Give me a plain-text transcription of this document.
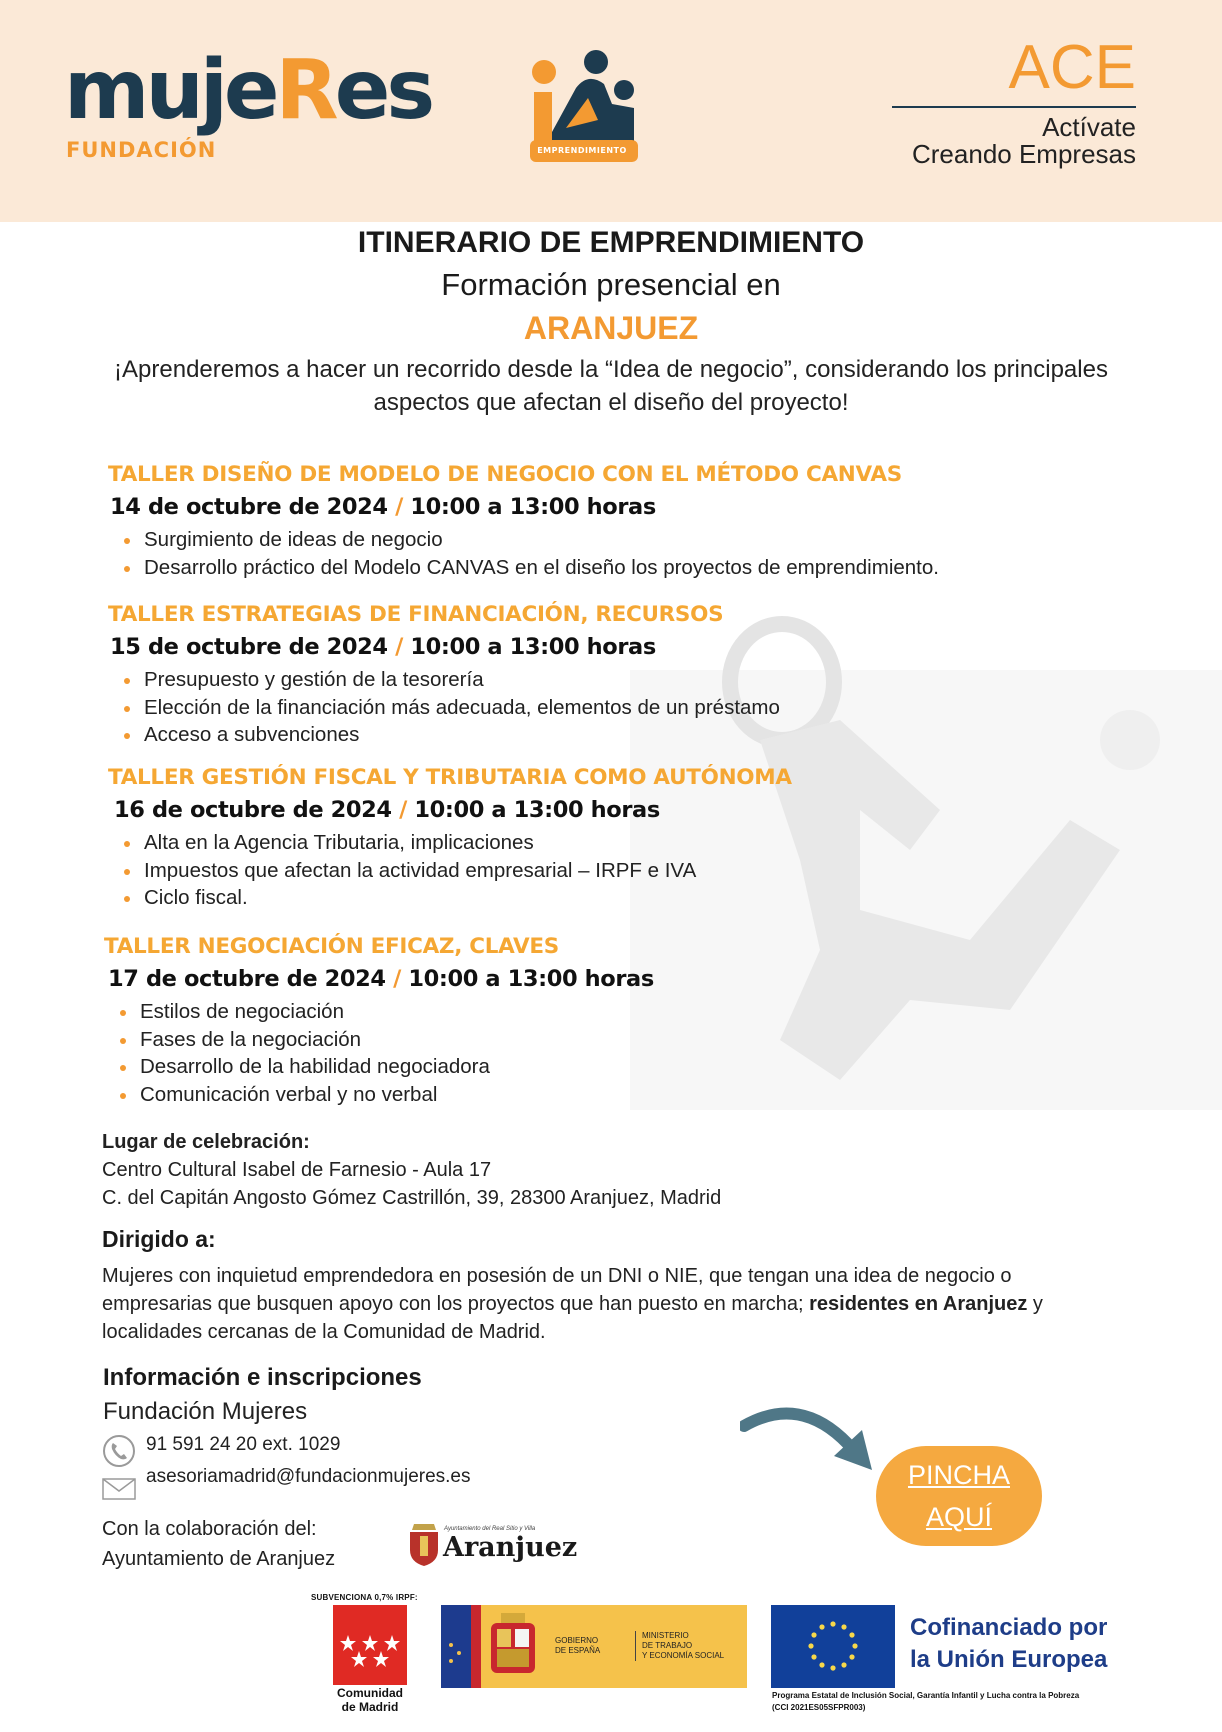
mujeRes
FUNDACIÓN	EMPRENDIMIENTO
ACE
Actívate
Creando Empresas
ITINERARIO DE EMPRENDIMIENTO
Formación presencial en
ARANJUEZ
¡Aprenderemos a hacer un recorrido desde la “Idea de negocio”, considerando los principales aspectos que afectan el diseño del proyecto!
TALLER DISEÑO DE MODELO DE NEGOCIO CON EL MÉTODO CANVAS
14 de octubre de 2024 / 10:00 a 13:00 horas
Surgimiento de ideas de negocio
Desarrollo práctico del Modelo CANVAS en el diseño los proyectos de emprendimiento.
TALLER ESTRATEGIAS DE FINANCIACIÓN, RECURSOS
15 de octubre de 2024 / 10:00 a 13:00 horas
Presupuesto y gestión de la tesorería
Elección de la financiación más adecuada, elementos de un préstamo
Acceso a subvenciones
TALLER GESTIÓN FISCAL Y TRIBUTARIA COMO AUTÓNOMA
16 de octubre de 2024 / 10:00 a 13:00 horas
Alta en la Agencia Tributaria, implicaciones
Impuestos que afectan la actividad empresarial – IRPF e IVA
Ciclo fiscal.
TALLER NEGOCIACIÓN EFICAZ, CLAVES
17 de octubre de 2024 / 10:00 a 13:00 horas
Estilos de negociación
Fases de la negociación
Desarrollo de la habilidad negociadora
Comunicación verbal y no verbal
Lugar de celebración:
Centro Cultural Isabel de Farnesio - Aula 17
C. del Capitán Angosto Gómez Castrillón, 39, 28300 Aranjuez, Madrid
Dirigido a:
Mujeres con inquietud emprendedora en posesión de un DNI o NIE, que tengan una idea de negocio o empresarias que busquen apoyo con los proyectos que han puesto en marcha; residentes en Aranjuez y localidades cercanas de la Comunidad de Madrid.
Información e inscripciones
Fundación Mujeres
91 591 24 20 ext. 1029
asesoriamadrid@fundacionmujeres.es
Con la colaboración del:
Ayuntamiento de Aranjuez
Ayuntamiento del Real Sitio y Villa
Aranjuez
PINCHA
AQUÍ
SUBVENCIONA 0,7% IRPF:
Comunidad
de Madrid
GOBIERNO
DE ESPAÑA
MINISTERIO
DE TRABAJO
Y ECONOMÍA SOCIAL
Cofinanciado por
la Unión Europea
Programa Estatal de Inclusión Social, Garantía Infantil y Lucha contra la Pobreza
(CCI 2021ES05SFPR003)
